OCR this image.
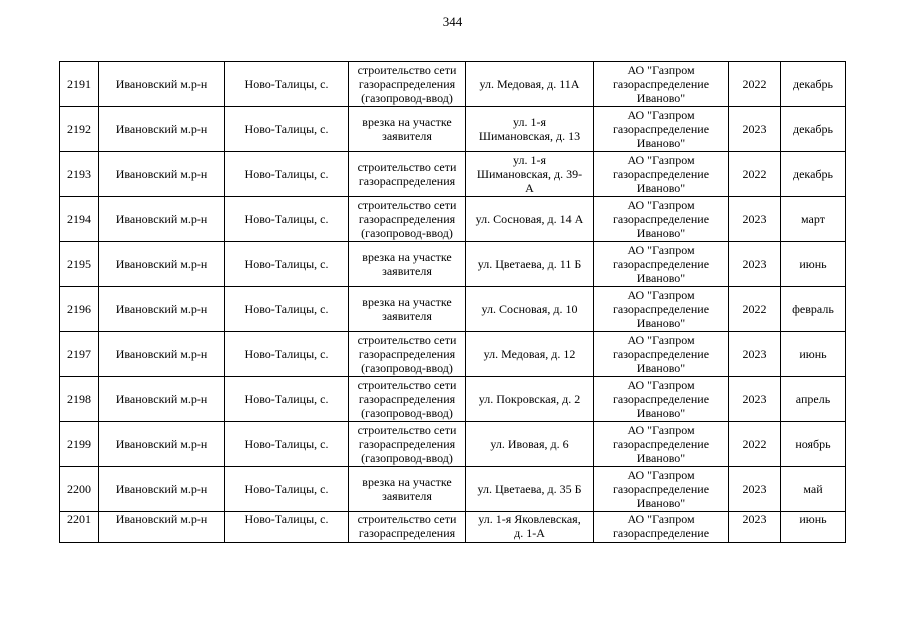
344
2191	Ивановский м.р-н	Ново-Талицы, с.	строительство сети
газораспределения
(газопровод-ввод)	ул. Медовая, д. 11А	АО "Газпром
газораспределение
Иваново"	2022	декабрь
2192	Ивановский м.р-н	Ново-Талицы, с.	врезка на участке
заявителя	ул. 1-я
Шимановская, д. 13	АО "Газпром
газораспределение
Иваново"	2023	декабрь
2193	Ивановский м.р-н	Ново-Талицы, с.	строительство сети
газораспределения	ул. 1-я
Шимановская, д. 39-
А	АО "Газпром
газораспределение
Иваново"	2022	декабрь
2194	Ивановский м.р-н	Ново-Талицы, с.	строительство сети
газораспределения
(газопровод-ввод)	ул. Сосновая, д. 14 А	АО "Газпром
газораспределение
Иваново"	2023	март
2195	Ивановский м.р-н	Ново-Талицы, с.	врезка на участке
заявителя	ул. Цветаева, д. 11 Б	АО "Газпром
газораспределение
Иваново"	2023	июнь
2196	Ивановский м.р-н	Ново-Талицы, с.	врезка на участке
заявителя	ул. Сосновая, д. 10	АО "Газпром
газораспределение
Иваново"	2022	февраль
2197	Ивановский м.р-н	Ново-Талицы, с.	строительство сети
газораспределения
(газопровод-ввод)	ул. Медовая, д. 12	АО "Газпром
газораспределение
Иваново"	2023	июнь
2198	Ивановский м.р-н	Ново-Талицы, с.	строительство сети
газораспределения
(газопровод-ввод)	ул. Покровская, д. 2	АО "Газпром
газораспределение
Иваново"	2023	апрель
2199	Ивановский м.р-н	Ново-Талицы, с.	строительство сети
газораспределения
(газопровод-ввод)	ул. Ивовая, д. 6	АО "Газпром
газораспределение
Иваново"	2022	ноябрь
2200	Ивановский м.р-н	Ново-Талицы, с.	врезка на участке
заявителя	ул. Цветаева, д. 35 Б	АО "Газпром
газораспределение
Иваново"	2023	май
2201	Ивановский м.р-н	Ново-Талицы, с.	строительство сети
газораспределения	ул. 1-я Яковлевская,
д. 1-А	АО "Газпром
газораспределение	2023	июнь
